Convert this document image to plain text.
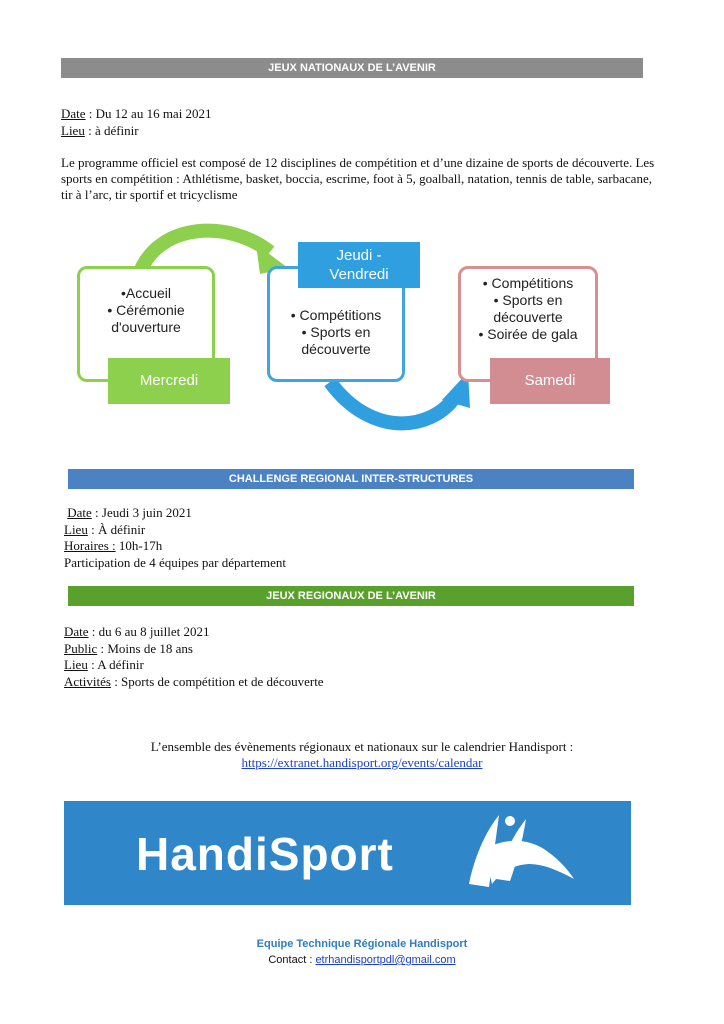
JEUX NATIONAUX DE L’AVENIR
Date : Du 12 au 16 mai 2021
Lieu : à définir
Le programme officiel est composé de 12 disciplines de compétition et d’une dizaine de sports de découverte. Les sports en compétition : Athlétisme, basket, boccia, escrime, foot à 5, goalball, natation, tennis de table, sarbacane, tir à l’arc, tir sportif et tricyclisme
•Accueil
• Cérémonie
d'ouverture
Mercredi
• Compétitions
• Sports en
découverte
Jeudi -
Vendredi	• Compétitions
• Sports en
découverte
• Soirée de gala
Samedi
CHALLENGE REGIONAL INTER-STRUCTURES
Date : Jeudi 3 juin 2021
Lieu : À définir
Horaires : 10h-17h
Participation de 4 équipes par département
JEUX REGIONAUX DE L’AVENIR
Date : du 6 au 8 juillet 2021
Public : Moins de 18 ans
Lieu : A définir
Activités : Sports de compétition et de découverte
L’ensemble des évènements régionaux et nationaux sur le calendrier Handisport :
https://extranet.handisport.org/events/calendar
HandiSport
Equipe Technique Régionale Handisport
Contact : etrhandisportpdl@gmail.com
